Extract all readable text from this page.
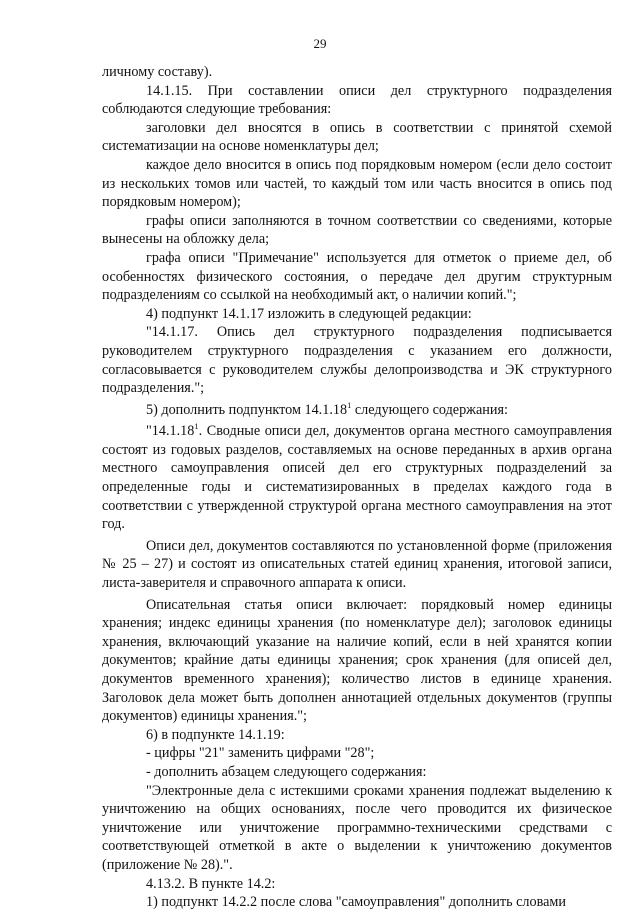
29

личному составу).

14.1.15. При составлении описи дел структурного подразделения соблюдаются следующие требования:

заголовки дел вносятся в опись в соответствии с принятой схемой систематизации на основе номенклатуры дел;

каждое дело вносится в опись под порядковым номером (если дело состоит из нескольких томов или частей, то каждый том или часть вносится в опись под порядковым номером);

графы описи заполняются в точном соответствии со сведениями, которые вынесены на обложку дела;

графа описи "Примечание" используется для отметок о приеме дел, об особенностях физического состояния, о передаче дел другим структурным подразделениям со ссылкой на необходимый акт, о наличии копий.";

4) подпункт 14.1.17 изложить в следующей редакции:

"14.1.17. Опись дел структурного подразделения подписывается руководителем структурного подразделения с указанием его должности, согласовывается с руководителем службы делопроизводства и ЭК структурного подразделения.";

5) дополнить подпунктом 14.1.18$^1$ следующего содержания:

"14.1.18$^1$. Сводные описи дел, документов органа местного самоуправления состоят из годовых разделов, составляемых на основе переданных в архив органа местного самоуправления описей дел его структурных подразделений за определенные годы и систематизированных в пределах каждого года в соответствии с утвержденной структурой органа местного самоуправления на этот год.

Описи дел, документов составляются по установленной форме (приложения № 25 – 27) и состоят из описательных статей единиц хранения, итоговой записи, листа-заверителя и справочного аппарата к описи.

Описательная статья описи включает: порядковый номер единицы хранения; индекс единицы хранения (по номенклатуре дел); заголовок единицы хранения, включающий указание на наличие копий, если в ней хранятся копии документов; крайние даты единицы хранения; срок хранения (для описей дел, документов временного хранения); количество листов в единице хранения. Заголовок дела может быть дополнен аннотацией отдельных документов (группы документов) единицы хранения.";

6) в подпункте 14.1.19:

- цифры "21" заменить цифрами "28";

- дополнить абзацем следующего содержания:

"Электронные дела с истекшими сроками хранения подлежат выделению к уничтожению на общих основаниях, после чего проводится их физическое уничтожение или уничтожение программно-техническими средствами с соответствующей отметкой в акте о выделении к уничтожению документов (приложение № 28).".

4.13.2. В пункте 14.2:

1) подпункт 14.2.2 после слова "самоуправления" дополнить словами
